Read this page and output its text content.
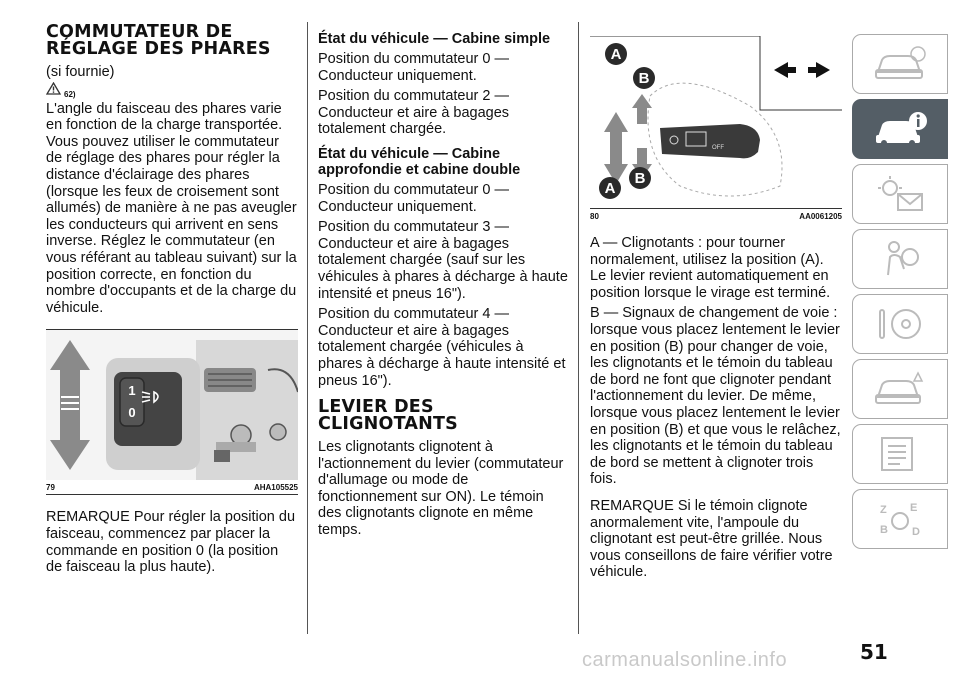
COMMUTATEUR DE RÉGLAGE DES PHARES

(si fournie)

62)

L'angle du faisceau des phares varie en fonction de la charge transportée. Vous pouvez utiliser le commutateur de réglage des phares pour régler la distance d'éclairage des phares (lorsque les feux de croisement sont allumés) de manière à ne pas aveugler les conducteurs qui arrivent en sens inverse. Réglez le commutateur (en vous référant au tableau suivant) sur la position correcte, en fonction du nombre d'occupants et de la charge du véhicule.

1
0
79	AHA105525

REMARQUE Pour régler la position du faisceau, commencez par placer la commande en position 0 (la position de faisceau la plus haute).

État du véhicule — Cabine simple

Position du commutateur 0 — Conducteur uniquement.

Position du commutateur 2 — Conducteur et aire à bagages totalement chargée.

État du véhicule — Cabine approfondie et cabine double

Position du commutateur 0 — Conducteur uniquement.

Position du commutateur 3 — Conducteur et aire à bagages totalement chargée (sauf sur les véhicules à phares à décharge à haute intensité et pneus 16").

Position du commutateur 4 — Conducteur et aire à bagages totalement chargée (véhicules à phares à décharge à haute intensité et pneus 16").

LEVIER DES CLIGNOTANTS

Les clignotants clignotent à l'actionnement du levier (commutateur d'allumage ou mode de fonctionnement sur ON). Le témoin des clignotants clignote en même temps.

OFF
A
B
A
B
80	AA0061205

A — Clignotants : pour tourner normalement, utilisez la position (A). Le levier revient automatiquement en position lorsque le virage est terminé.

B — Signaux de changement de voie : lorsque vous placez lentement le levier en position (B) pour changer de voie, les clignotants et le témoin du tableau de bord ne font que clignoter pendant l'actionnement du levier. De même, lorsque vous placez lentement le levier en position (B) et que vous le relâchez, les clignotants et le témoin du tableau de bord se mettent à clignoter trois fois.

REMARQUE Si le témoin clignote anormalement vite, l'ampoule du clignotant est peut-être grillée. Nous vous conseillons de faire vérifier votre véhicule.

Z E
B D
51
carmanualsonline.info
